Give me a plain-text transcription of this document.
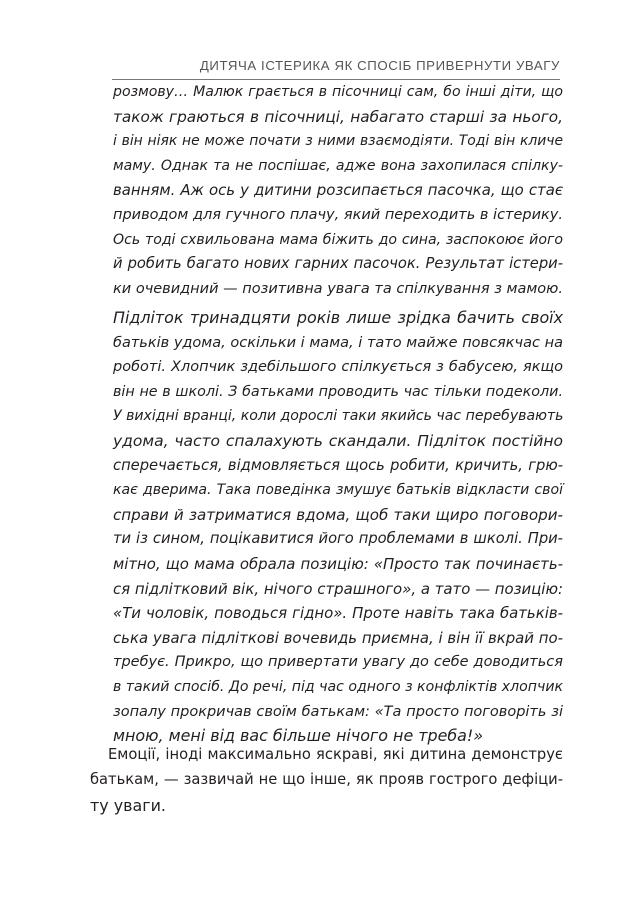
ДИТЯЧА ІСТЕРИКА ЯК СПОСІБ ПРИВЕРНУТИ УВАГУ
розмову… Малюк грається в пісочниці сам, бо інші діти, що
також граються в пісочниці, набагато старші за нього,
і він ніяк не може почати з ними взаємодіяти. Тоді він кличе
маму. Однак та не поспішає, адже вона захопилася спілку-
ванням. Аж ось у дитини розсипається пасочка, що стає
приводом для гучного плачу, який переходить в істерику.
Ось тоді схвильована мама біжить до сина, заспокоює його
й робить багато нових гарних пасочок. Результат істери-
ки очевидний — позитивна увага та спілкування з мамою.
Підліток тринадцяти років лише зрідка бачить своїх
батьків удома, оскільки і мама, і тато майже повсякчас на
роботі. Хлопчик здебільшого спілкується з бабусею, якщо
він не в школі. З батьками проводить час тільки подеколи.
У вихідні вранці, коли дорослі таки якийсь час перебувають
удома, часто спалахують скандали. Підліток постійно
сперечається, відмовляється щось робити, кричить, грю-
кає дверима. Така поведінка змушує батьків відкласти свої
справи й затриматися вдома, щоб таки щиро поговори-
ти із сином, поцікавитися його проблемами в школі. При-
мітно, що мама обрала позицію: «Просто так починаєть-
ся підлітковий вік, нічого страшного», а тато — позицію:
«Ти чоловік, поводься гідно». Проте навіть така батьків-
ська увага підліткові вочевидь приємна, і він її вкрай по-
требує. Прикро, що привертати увагу до себе доводиться
в такий спосіб. До речі, під час одного з конфліктів хлопчик
зопалу прокричав своїм батькам: «Та просто поговоріть зі
мною, мені від вас більше нічого не треба!»
Емоції, іноді максимально яскраві, які дитина демонструє
батькам, — зазвичай не що інше, як прояв гострого дефіци-
ту уваги.
